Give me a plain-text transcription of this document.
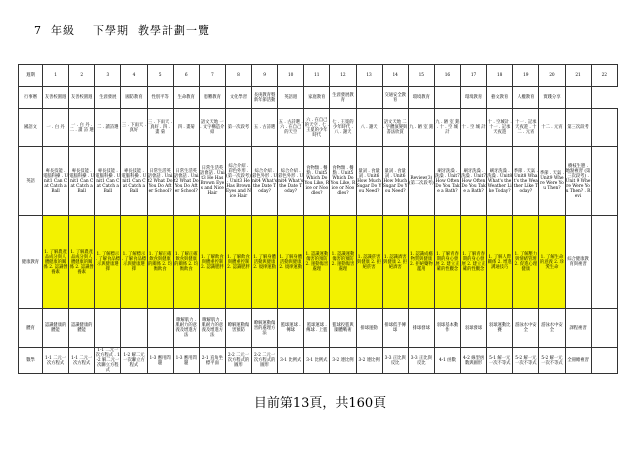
7  年級    下學期  教學計劃一覽
週期	1	2	3	4	5	6	7	8	9	10	11	12	13	14	15	16	17	18	19	20	21	22
行事曆	友善校園週	友善校園週	生涯發展	國防教育	性別平等	生命教育	患難教育	文化學習	長庚教育暨新年節活動	英語週	家庭教育	生涯發展教育		交通安全教育	環境教育		環境教育	藝文教育	人權教育	實踐分享		
國語文	一 . 白 丹	一 . 白 丹 . 二 . 讀 詩 選	二 . 讀詩選	三 . 下雨天 . 真好	三 . 下雨天 . 真好 . 四 . 畫 菊	四 . 畫菊	語文天地 一 . 文字構造介紹	第一次段考	五 . 古詩選	五 . 古詩選 . 六 . 在自己的天空	六 . 在自己的天空 . 七 . 王冕的少年時代	七 . 王冕的少年時代 . 八 . 謝天	八 . 謝天	語文天地 二 . 字體演變與書法欣賞	九 . 陋 室 銘	九 . 陋 室 銘 . 十 . 空 城 計	十 . 空 城 計	十 . 空城計 . 十一 . 記承天夜遊	十一 . 記承天夜遊 . 十二 . 元宵	十二 . 元宵	第三次段考	
英語	專長技能 . 電腦科操 . Unit1 Can Cat Catch a Ball	專長技能 . 電腦科操 . Unit1 Can Cat Catch a Ball	專長技能 . 電腦科操 . Unit1 Can Cat Catch a Ball	專長技能 . 電腦科操 . Unit1 Can Cat Catch a Ball	日常生活英語會話 . Unit2 What Do You Do After School?	日常生活英語會話 . Unit2 What Do You Do After School?	日常生活英語會話 . Unit3 He Has Brown Eyes and Nice Hair	綜合介紹 . 彩色外形 . (第一次段考) . Unit3 He Has Brown Eyes and Nice Hair	綜合介紹 . 彩色外形 . Unit4 What's the Date Today?	綜合介紹 . 彩色外形 . Unit4 What's the Date Today?	食物類 . 餐點 . Unit5 Which Do You Like, Rice or Noodles?	食物類 . 餐點 . Unit5 Which Do You Like, Rice or Noodles?	量詞 . 食量詞 . Unit6 How Much Sugar Do You Need?	量詞 . 食量詞 . Unit6 How Much Sugar Do You Need?	Review(3) (第二次段考)	刷牙洗澡 . 洗澡 . Unit7 How Often Do You Take a Bath?	刷牙洗澡 . 洗澡 . Unit7 How Often Do You Take a Bath?	刷牙洗澡 . 洗澡 . Unit8 What's the Weather Like Today?	季節 . 天氣 . Unit8 What's the Weather Like Today?	季節 . 天氣 . Unit9 Where Were You Then?	樹枝生態 . 地點複習 (第三次段考) . Unit 9 Where Were You Then? . Revi	
健康教育	1. 了解農產品成分與人體健康的關係 2. 認識營養素	1. 了解農產品成分與人體健康的關係 2. 認識營養素	1. 了解標示 . 了解食品標示與健康選擇	1. 了解標示 . 了解食品標示與健康選擇	1. 了解正確飲食與健康的關係 2. 均衡飲食	1. 了解正確飲食與健康的關係 2. 均衡飲食	1. 了解飲食與體重控制 2. 認識肥胖	1. 了解飲食與體重控制 2. 認識肥胖	1. 了解身體活動與健康 2. 規律運動	1. 了解身體活動與健康 2. 規律運動	1. 認識運動傷害的預防 2. 運動傷害處理	1. 認識運動傷害的預防 2. 運動傷害處理	1. 認識菸害與健康 2. 拒絕菸害	1. 認識酒害與健康 2. 拒絕酒害	1. 認識成癮物質與健康 2. 拒絕藥物濫用	1. 了解青春期的身心發展 2. 建立正確的性觀念	1. 了解青春期的身心發展 2. 建立正確的性觀念	1. 了解人際關係 2. 增進溝通技巧	1. 了解壓力與情緒管理 2. 促進心理健康	1. 了解生命的意義 2. 珍愛生命	綜合健康教育與複習	
體育	認識健康的體能	認識健康的體能				瞭解肌力 . 肌耐力的意義及增進方法	瞭解肌力 . 肌耐力的意義及增進方法	瞭解運動傷害預防	瞭解運動傷害的處理方法	籃球運球 . 傳球	籃球運球 . 傳球 . 上籃	籃球投籃與團體戰術	排球運動	排球低手傳球	排球發球	羽球基本動作	羽球發球	羽球運動比賽	游泳水中安全	游泳水中安全	課程複習	
數學	1-1 二元一次方程式	1-1 二元一次方程式	1-1 二元一次方程式 . 1-2 解二元一次聯立方程式	1-2 解二元一次聯立方程式	1-3 應用問題	1-3 應用問題	2-1 直角坐標平面	2-2 二元一次方程式的圖形	2-2 二元一次方程式的圖形	3-1 比例式	3-1 比例式	3-2 連比例	3-2 連比例	3-3 正比與反比	3-3 正比與反比	4-1 函數	4-2 線型函數與圖形	5-1 解一元一次不等式	5-2 解一元一次不等式	5-2 解一元一次不等式	全冊總複習	
目前第13頁，共160頁
